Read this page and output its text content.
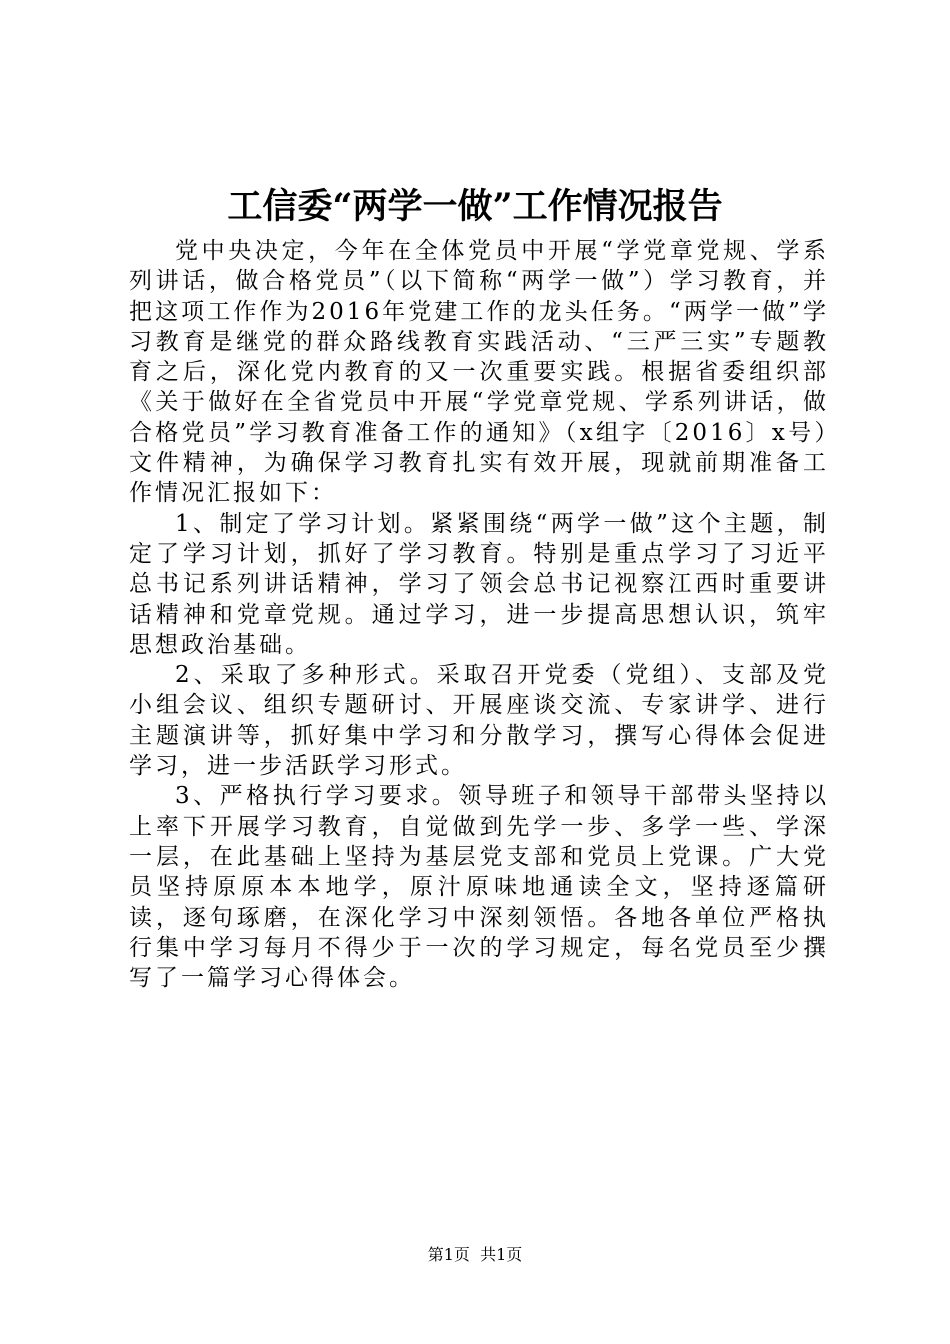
工信委“两学一做”工作情况报告

党中央决定，今年在全体党员中开展“学党章党规、学系列讲话，做合格党员”（以下简称“两学一做”）学习教育，并把这项工作作为2016年党建工作的龙头任务。“两学一做”学习教育是继党的群众路线教育实践活动、“三严三实”专题教育之后，深化党内教育的又一次重要实践。根据省委组织部《关于做好在全省党员中开展“学党章党规、学系列讲话，做合格党员”学习教育准备工作的通知》（x组字〔2016〕x号）文件精神，为确保学习教育扎实有效开展，现就前期准备工作情况汇报如下：

1、制定了学习计划。紧紧围绕“两学一做”这个主题，制定了学习计划，抓好了学习教育。特别是重点学习了习近平总书记系列讲话精神，学习了领会总书记视察江西时重要讲话精神和党章党规。通过学习，进一步提高思想认识，筑牢思想政治基础。

2、采取了多种形式。采取召开党委（党组）、支部及党小组会议、组织专题研讨、开展座谈交流、专家讲学、进行主题演讲等，抓好集中学习和分散学习，撰写心得体会促进学习，进一步活跃学习形式。

3、严格执行学习要求。领导班子和领导干部带头坚持以上率下开展学习教育，自觉做到先学一步、多学一些、学深一层，在此基础上坚持为基层党支部和党员上党课。广大党员坚持原原本本地学，原汁原味地通读全文，坚持逐篇研读，逐句琢磨，在深化学习中深刻领悟。各地各单位严格执行集中学习每月不得少于一次的学习规定，每名党员至少撰写了一篇学习心得体会。

第1页 共1页
